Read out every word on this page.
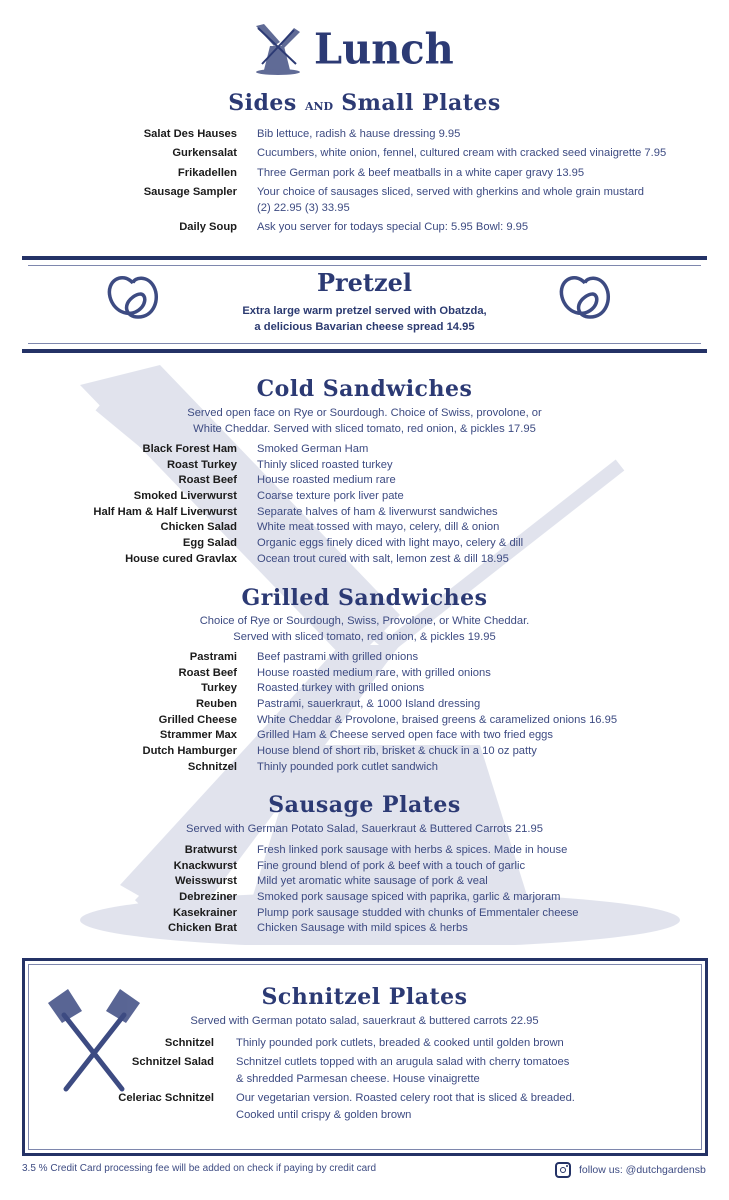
Lunch
Sides AND Small Plates
Salat Des Hauses Bib lettuce, radish & hause dressing 9.95
Gurkensalat Cucumbers, white onion, fennel, cultured cream with cracked seed vinaigrette 7.95
Frikadellen Three German pork & beef meatballs in a white caper gravy 13.95
Sausage Sampler Your choice of sausages sliced, served with gherkins and whole grain mustard
(2) 22.95 (3) 33.95
Daily Soup Ask you server for todays special Cup: 5.95 Bowl: 9.95
Pretzel
Extra large warm pretzel served with Obatzda,
a delicious Bavarian cheese spread 14.95
Cold Sandwiches
Served open face on Rye or Sourdough. Choice of Swiss, provolone, or
White Cheddar. Served with sliced tomato, red onion, & pickles 17.95
Black Forest Ham Smoked German Ham
Roast Turkey Thinly sliced roasted turkey
Roast Beef House roasted medium rare
Smoked Liverwurst Coarse texture pork liver pate
Half Ham & Half Liverwurst Separate halves of ham & liverwurst sandwiches
Chicken Salad White meat tossed with mayo, celery, dill & onion
Egg Salad Organic eggs finely diced with light mayo, celery & dill
House cured Gravlax Ocean trout cured with salt, lemon zest & dill 18.95
Grilled Sandwiches
Choice of Rye or Sourdough, Swiss, Provolone, or White Cheddar.
Served with sliced tomato, red onion, & pickles 19.95
Pastrami Beef pastrami with grilled onions
Roast Beef House roasted medium rare, with grilled onions
Turkey Roasted turkey with grilled onions
Reuben Pastrami, sauerkraut, & 1000 Island dressing
Grilled Cheese White Cheddar & Provolone, braised greens & caramelized onions 16.95
Strammer Max Grilled Ham & Cheese served open face with two fried eggs
Dutch Hamburger House blend of short rib, brisket & chuck in a 10 oz patty
Schnitzel Thinly pounded pork cutlet sandwich
Sausage Plates
Served with German Potato Salad, Sauerkraut & Buttered Carrots 21.95
Bratwurst Fresh linked pork sausage with herbs & spices. Made in house
Knackwurst Fine ground blend of pork & beef with a touch of garlic
Weisswurst Mild yet aromatic white sausage of pork & veal
Debreziner Smoked pork sausage spiced with paprika, garlic & marjoram
Kasekrainer Plump pork sausage studded with chunks of Emmentaler cheese
Chicken Brat Chicken Sausage with mild spices & herbs
Schnitzel Plates
Served with German potato salad, sauerkraut & buttered carrots 22.95
Schnitzel Thinly pounded pork cutlets, breaded & cooked until golden brown
Schnitzel Salad Schnitzel cutlets topped with an arugula salad with cherry tomatoes
& shredded Parmesan cheese. House vinaigrette
Celeriac Schnitzel Our vegetarian version. Roasted celery root that is sliced & breaded.
Cooked until crispy & golden brown
3.5 % Credit Card processing fee will be added on check if paying by credit card	follow us: @dutchgardensb
